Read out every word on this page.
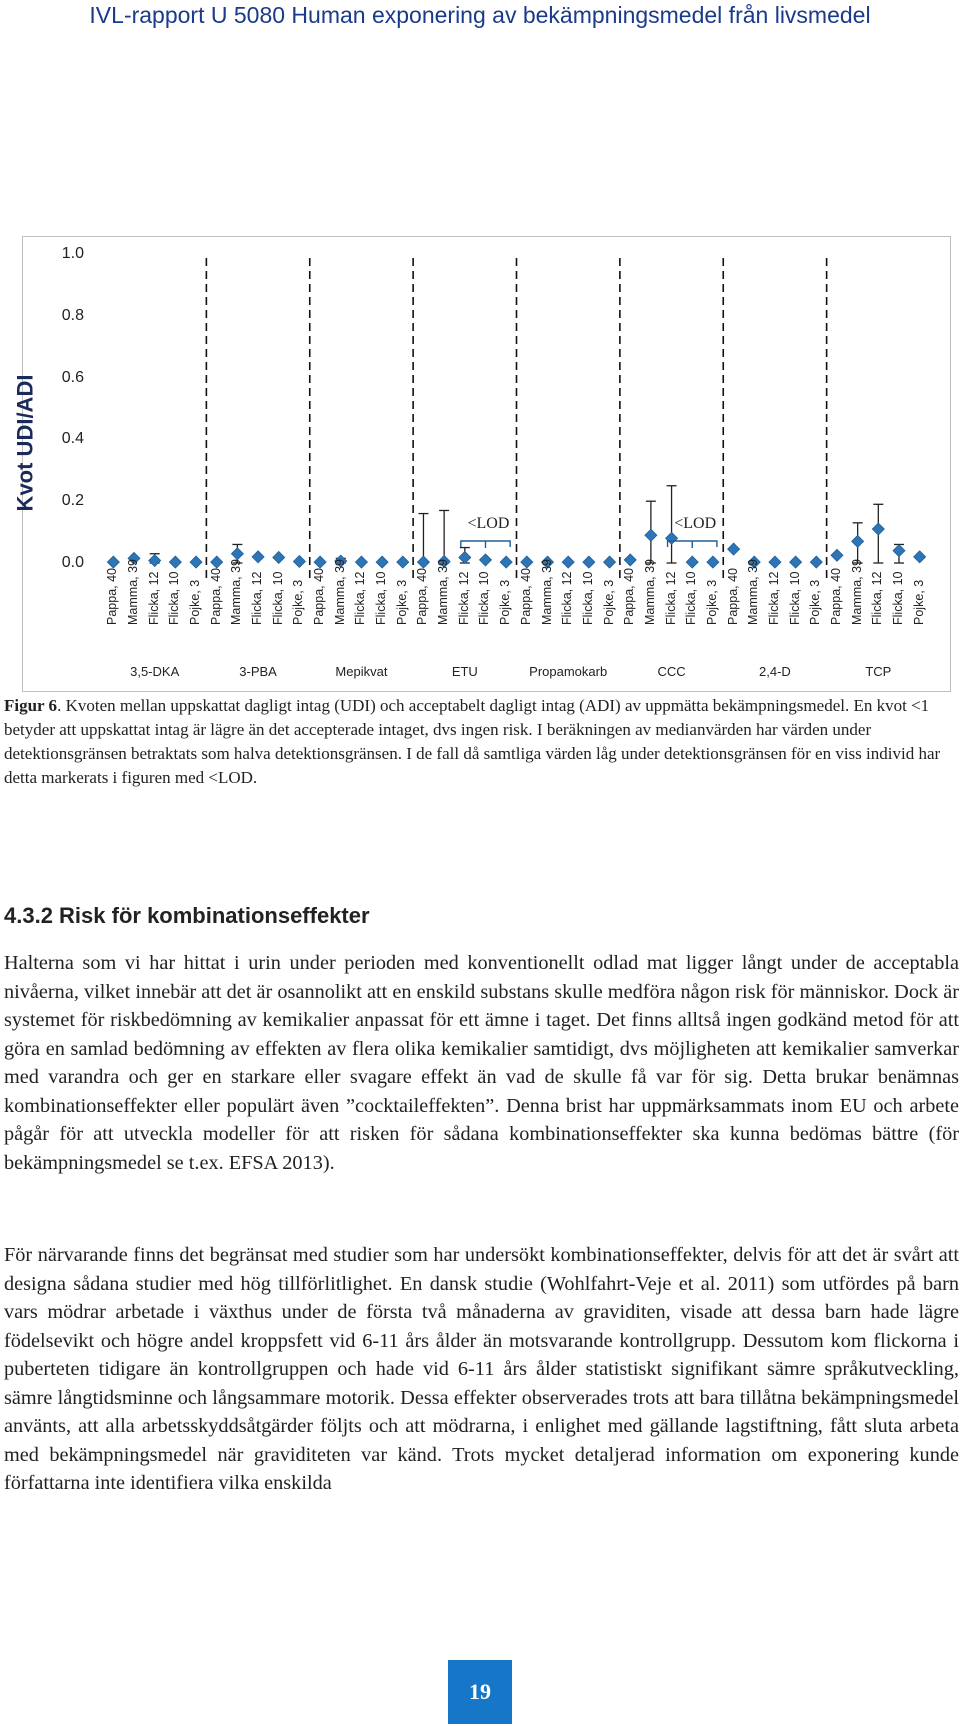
IVL-rapport U 5080 Human exponering av bekämpningsmedel från livsmedel
Kvot UDI/ADI
1.0
0.8
0.6
0.4
0.2
0.0
Pappa, 40 Mamma, 39 Flicka, 12 Flicka, 10 Pojke, 3
3,5-DKA
Pappa, 40 Mamma, 39 Flicka, 12 Flicka, 10 Pojke, 3
3-PBA
Pappa, 40 Mamma, 39 Flicka, 12 Flicka, 10 Pojke, 3
Mepikvat
Pappa, 40 Mamma, 39 Flicka, 12 Flicka, 10 Pojke, 3
ETU
Pappa, 40 Mamma, 39 Flicka, 12 Flicka, 10 Pojke, 3
Propamokarb
Pappa, 40 Mamma, 39 Flicka, 12 Flicka, 10 Pojke, 3
CCC
Pappa, 40 Mamma, 39 Flicka, 12 Flicka, 10 Pojke, 3
2,4-D
Pappa, 40 Mamma, 39 Flicka, 12 Flicka, 10 Pojke, 3
TCP
<LOD	<LOD
Figur 6. Kvoten mellan uppskattat dagligt intag (UDI) och acceptabelt dagligt intag (ADI) av uppmätta bekämpningsmedel. En kvot <1 betyder att uppskattat intag är lägre än det accepterade intaget, dvs ingen risk. I beräkningen av medianvärden har värden under detektionsgränsen betraktats som halva detektionsgränsen. I de fall då samtliga värden låg under detektionsgränsen för en viss individ har detta markerats i figuren med <LOD.
4.3.2 Risk för kombinationseffekter
Halterna som vi har hittat i urin under perioden med konventionellt odlad mat ligger långt under de acceptabla nivåerna, vilket innebär att det är osannolikt att en enskild substans skulle medföra någon risk för människor. Dock är systemet för riskbedömning av kemikalier anpassat för ett ämne i taget. Det finns alltså ingen godkänd metod för att göra en samlad bedömning av effekten av flera olika kemikalier samtidigt, dvs möjligheten att kemikalier samverkar med varandra och ger en starkare eller svagare effekt än vad de skulle få var för sig. Detta brukar benämnas kombinationseffekter eller populärt även ”cocktaileffekten”. Denna brist har uppmärksammats inom EU och arbete pågår för att utveckla modeller för att risken för sådana kombinationseffekter ska kunna bedömas bättre (för bekämpningsmedel se t.ex. EFSA 2013).
För närvarande finns det begränsat med studier som har undersökt kombinationseffekter, delvis för att det är svårt att designa sådana studier med hög tillförlitlighet. En dansk studie (Wohlfahrt-Veje et al. 2011) som utfördes på barn vars mödrar arbetade i växthus under de första två månaderna av graviditen, visade att dessa barn hade lägre födelsevikt och högre andel kroppsfett vid 6-11 års ålder än motsvarande kontrollgrupp. Dessutom kom flickorna i puberteten tidigare än kontrollgruppen och hade vid 6-11 års ålder statistiskt signifikant sämre språkutveckling, sämre långtidsminne och långsammare motorik. Dessa effekter observerades trots att bara tillåtna bekämpningsmedel använts, att alla arbetsskyddsåtgärder följts och att mödrarna, i enlighet med gällande lagstiftning, fått sluta arbeta med bekämpningsmedel när graviditeten var känd. Trots mycket detaljerad information om exponering kunde författarna inte identifiera vilka enskilda
19
